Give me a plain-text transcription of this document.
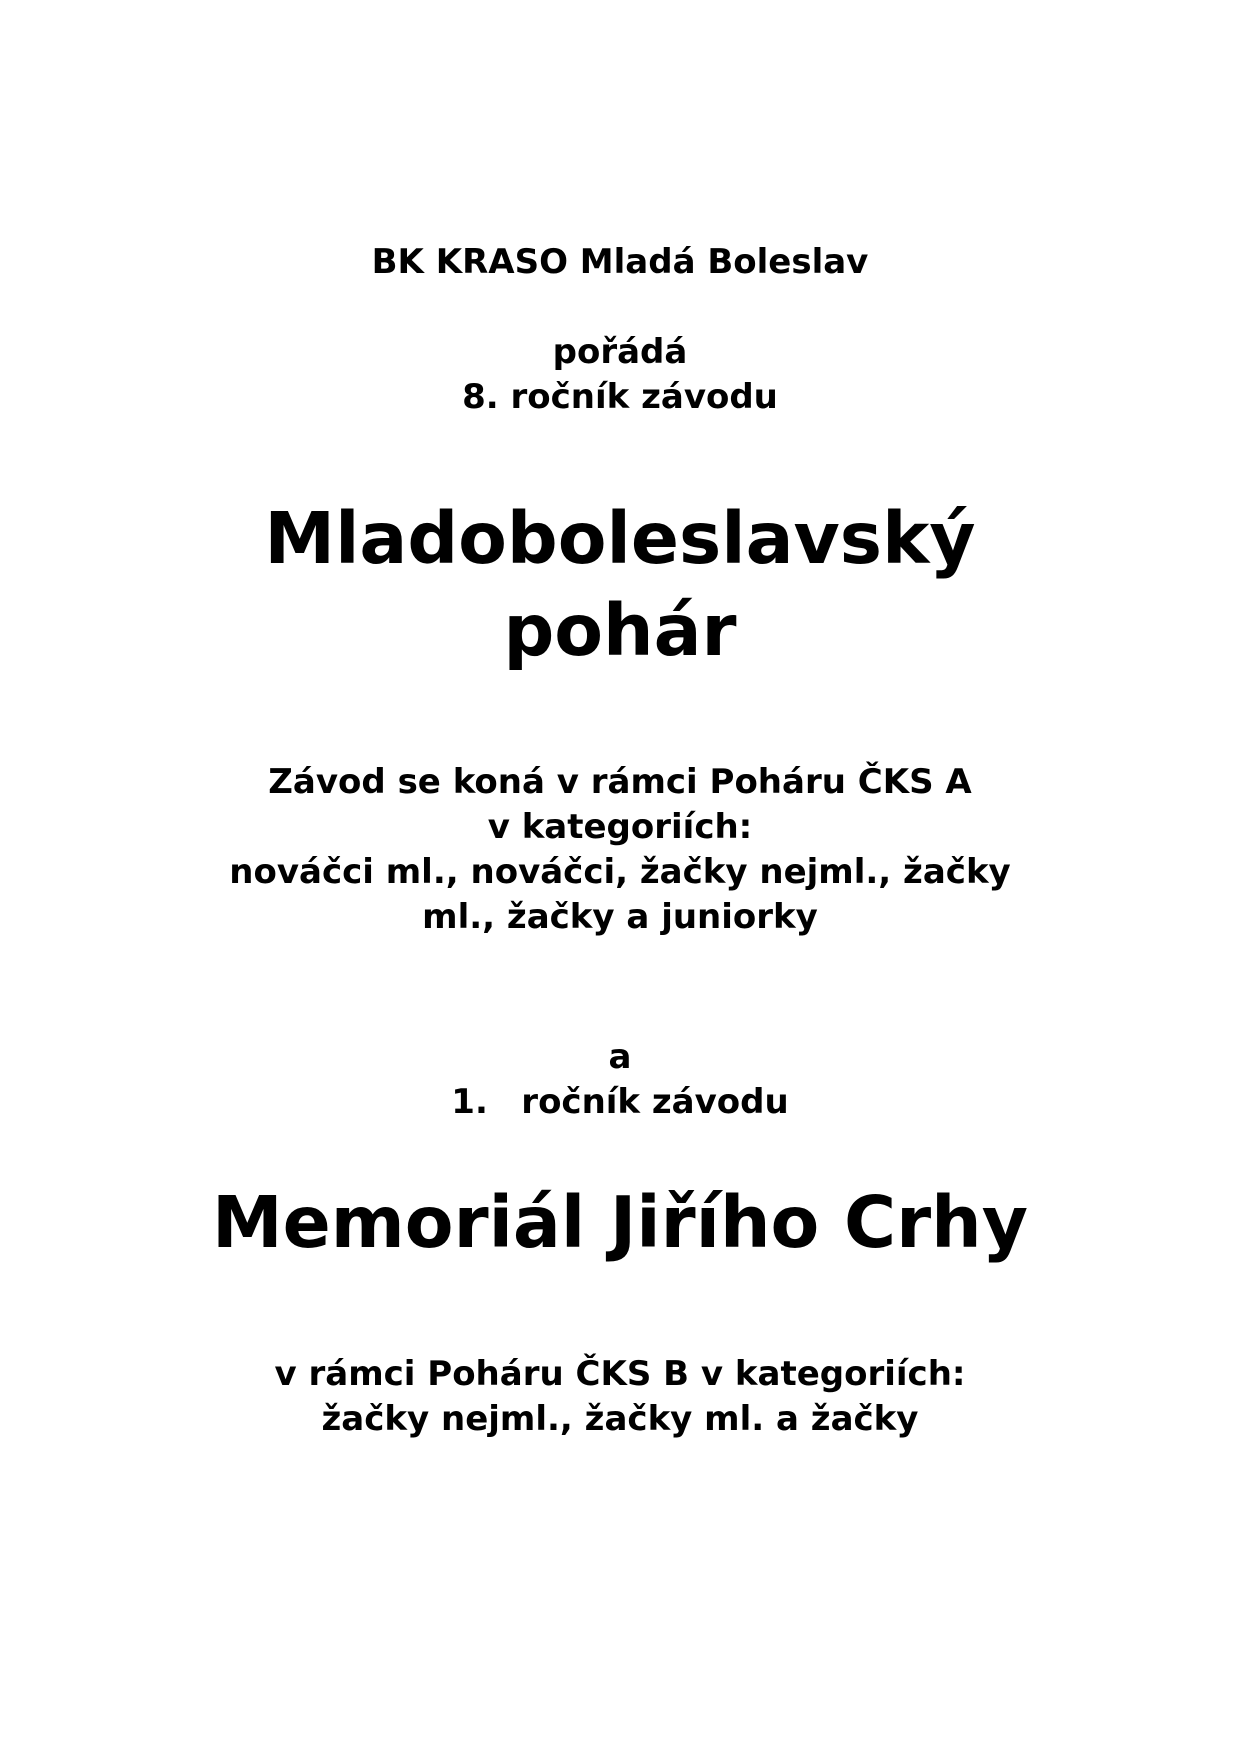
BK KRASO Mladá Boleslav
pořádá
8. ročník závodu
Mladoboleslavský
pohár
Závod se koná v rámci Poháru ČKS A
v kategoriích:
nováčci ml., nováčci, žačky nejml., žačky
ml., žačky a juniorky
a
1. ročník závodu
Memoriál Jiřího Crhy
v rámci Poháru ČKS B v kategoriích:
žačky nejml., žačky ml. a žačky
